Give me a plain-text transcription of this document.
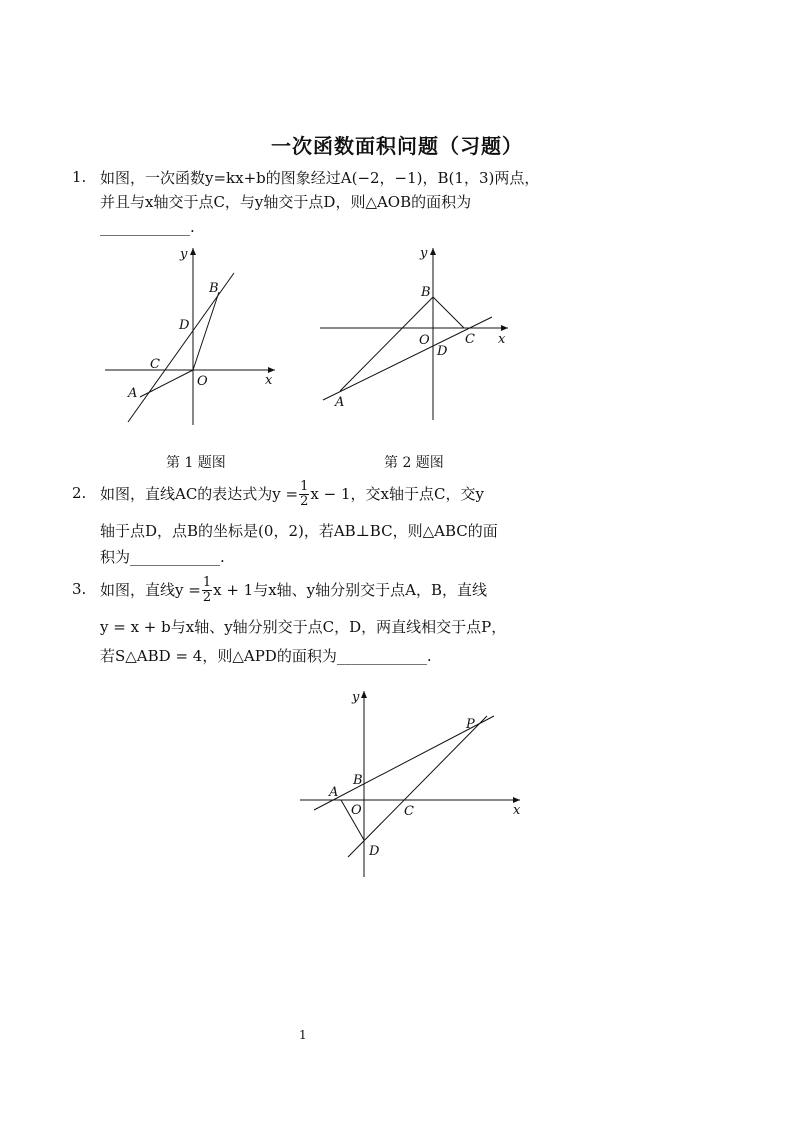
一次函数面积问题（习题）
1. 如图，一次函数y=kx+b的图象经过A(−2，−1)，B(1，3)两点，
并且与x轴交于点C，与y轴交于点D，则△AOB的面积为
____________.
y
x
O
A
B
C
D
y
x
B
O	C
D
A
第 1 题图	第 2 题图
2. 如图，直线AC的表达式为$y = \frac{1}{2}$ x − 1，交x轴于点C，交y
轴于点D，点B的坐标是(0，2)，若AB⊥BC，则△ABC的面
积为____________.
3. 如图，直线$y = \frac{1}{2}$ x + 1与x轴、y轴分别交于点A，B，直线
y = x + b与x轴、y轴分别交于点C，D，两直线相交于点P，
若S△ABD = 4，则△APD的面积为____________.
y
x
P
B
A
O	C
D
1
